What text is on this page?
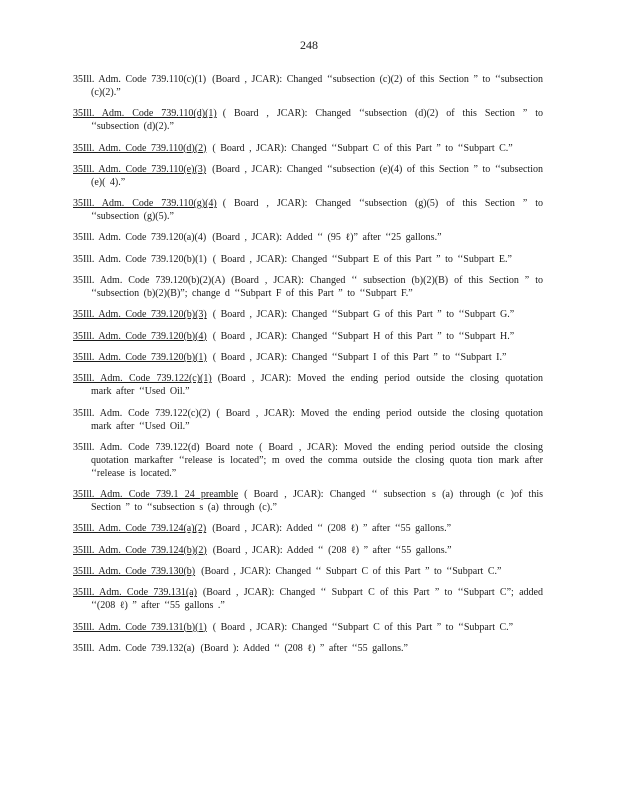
248

35Ill. Adm. Code 739.110(c)(1) (Board , JCAR): Changed ‘‘subsection (c)(2) of this Section ” to ‘‘subsection (c)(2).”

35Ill. Adm. Code 739.110(d)(1) ( Board , JCAR): Changed ‘‘subsection (d)(2) of this Section ” to ‘‘subsection (d)(2).”

35Ill. Adm. Code 739.110(d)(2) ( Board , JCAR): Changed ‘‘Subpart C of this Part ” to ‘‘Subpart C.”

35Ill. Adm. Code 739.110(e)(3) (Board , JCAR): Changed ‘‘subsection (e)(4) of this Section ” to ‘‘subsection (e)( 4).”

35Ill. Adm. Code 739.110(g)(4) ( Board , JCAR): Changed ‘‘subsection (g)(5) of this Section ” to ‘‘subsection (g)(5).”

35Ill. Adm. Code 739.120(a)(4) (Board , JCAR): Added ‘‘ (95 ℓ)” after ‘‘25 gallons.”

35Ill. Adm. Code 739.120(b)(1) ( Board , JCAR): Changed ‘‘Subpart E of this Part ” to ‘‘Subpart E.”

35Ill. Adm. Code 739.120(b)(2)(A) (Board , JCAR): Changed ‘‘ subsection (b)(2)(B) of this Section ” to ‘‘subsection (b)(2)(B)”; change d ‘‘Subpart F of this Part ” to ‘‘Subpart F.”

35Ill. Adm. Code 739.120(b)(3) ( Board , JCAR): Changed ‘‘Subpart G of this Part ” to ‘‘Subpart G.”

35Ill. Adm. Code 739.120(b)(4) ( Board , JCAR): Changed ‘‘Subpart H of this Part ” to ‘‘Subpart H.”

35Ill. Adm. Code 739.120(b)(1) ( Board , JCAR): Changed ‘‘Subpart I of this Part ” to ‘‘Subpart I.”

35Ill. Adm. Code 739.122(c)(1) (Board , JCAR): Moved the ending period outside the closing quotation mark after ‘‘Used Oil.”

35Ill. Adm. Code 739.122(c)(2) ( Board , JCAR): Moved the ending period outside the closing quotation mark after ‘‘Used Oil.”

35Ill. Adm. Code 739.122(d) Board note ( Board , JCAR): Moved the ending period outside the closing quotation markafter ‘‘release is located”; m oved the comma outside the closing quota tion mark after ‘‘release is located.”

35Ill. Adm. Code 739.1 24 preamble ( Board , JCAR): Changed ‘‘ subsection s (a) through (c )of this Section ” to ‘‘subsection s (a) through (c).”

35Ill. Adm. Code 739.124(a)(2) (Board , JCAR): Added ‘‘ (208 ℓ) ” after ‘‘55 gallons.”

35Ill. Adm. Code 739.124(b)(2) (Board , JCAR): Added ‘‘ (208 ℓ) ” after ‘‘55 gallons.”

35Ill. Adm. Code 739.130(b) (Board , JCAR): Changed ‘‘ Subpart C of this Part ” to ‘‘Subpart C.”

35Ill. Adm. Code 739.131(a) (Board , JCAR): Changed ‘‘ Subpart C of this Part ” to ‘‘Subpart C”; added ‘‘(208 ℓ) ” after ‘‘55 gallons .”

35Ill. Adm. Code 739.131(b)(1) ( Board , JCAR): Changed ‘‘Subpart C of this Part ” to ‘‘Subpart C.”

35Ill. Adm. Code 739.132(a) (Board ): Added ‘‘ (208 ℓ) ” after ‘‘55 gallons.”
